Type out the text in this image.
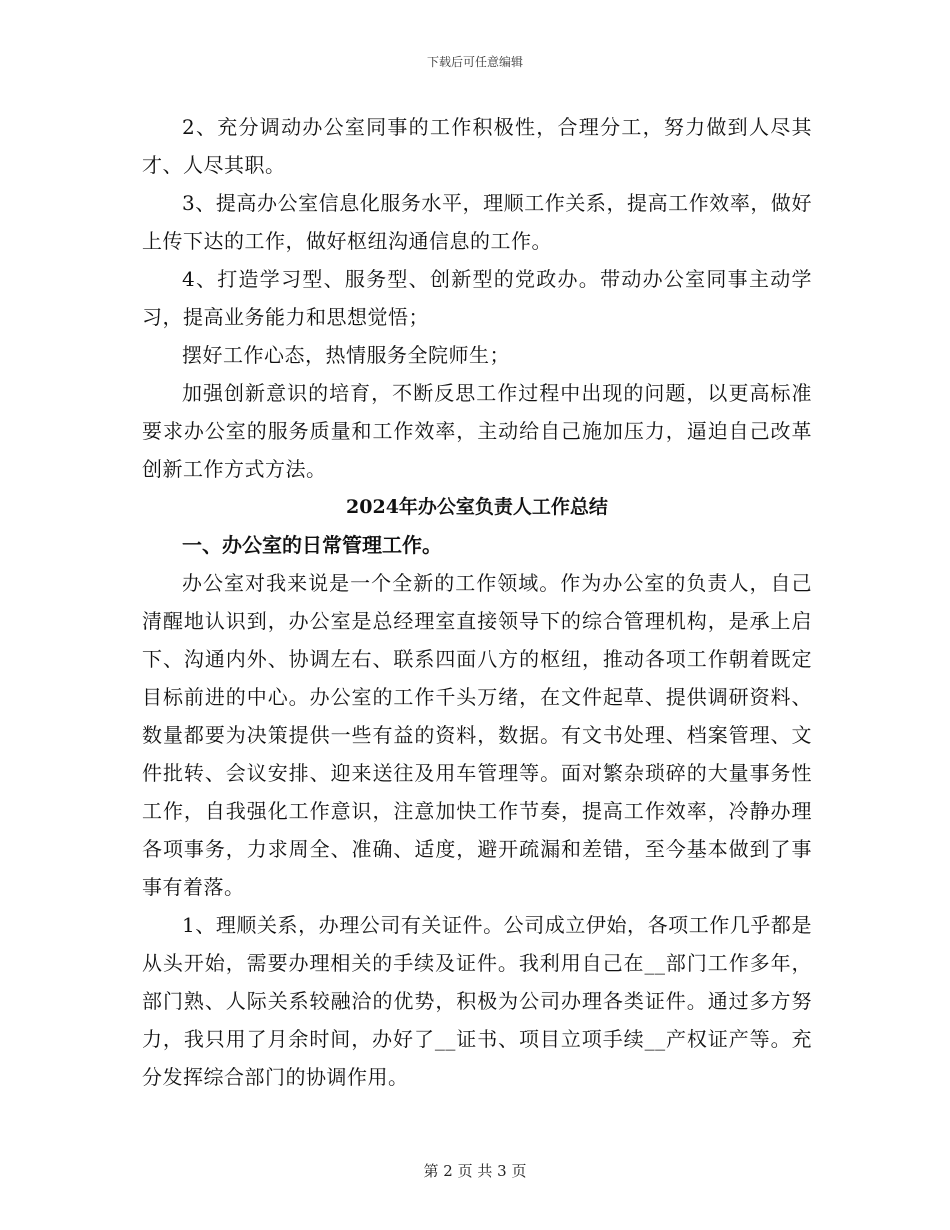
下载后可任意编辑

2、充分调动办公室同事的工作积极性，合理分工，努力做到人尽其才、人尽其职。

3、提高办公室信息化服务水平，理顺工作关系，提高工作效率，做好上传下达的工作，做好枢纽沟通信息的工作。

4、打造学习型、服务型、创新型的党政办。带动办公室同事主动学习，提高业务能力和思想觉悟；

摆好工作心态，热情服务全院师生；

加强创新意识的培育，不断反思工作过程中出现的问题，以更高标准要求办公室的服务质量和工作效率，主动给自己施加压力，逼迫自己改革创新工作方式方法。

2024年办公室负责人工作总结
一、办公室的日常管理工作。

办公室对我来说是一个全新的工作领域。作为办公室的负责人，自己清醒地认识到，办公室是总经理室直接领导下的综合管理机构，是承上启下、沟通内外、协调左右、联系四面八方的枢纽，推动各项工作朝着既定目标前进的中心。办公室的工作千头万绪，在文件起草、提供调研资料、数量都要为决策提供一些有益的资料，数据。有文书处理、档案管理、文件批转、会议安排、迎来送往及用车管理等。面对繁杂琐碎的大量事务性工作，自我强化工作意识，注意加快工作节奏，提高工作效率，冷静办理各项事务，力求周全、准确、适度，避开疏漏和差错，至今基本做到了事事有着落。

1、理顺关系，办理公司有关证件。公司成立伊始，各项工作几乎都是从头开始，需要办理相关的手续及证件。我利用自己在__部门工作多年，部门熟、人际关系较融洽的优势，积极为公司办理各类证件。通过多方努力，我只用了月余时间，办好了__证书、项目立项手续__产权证产等。充分发挥综合部门的协调作用。

第 2 页 共 3 页
